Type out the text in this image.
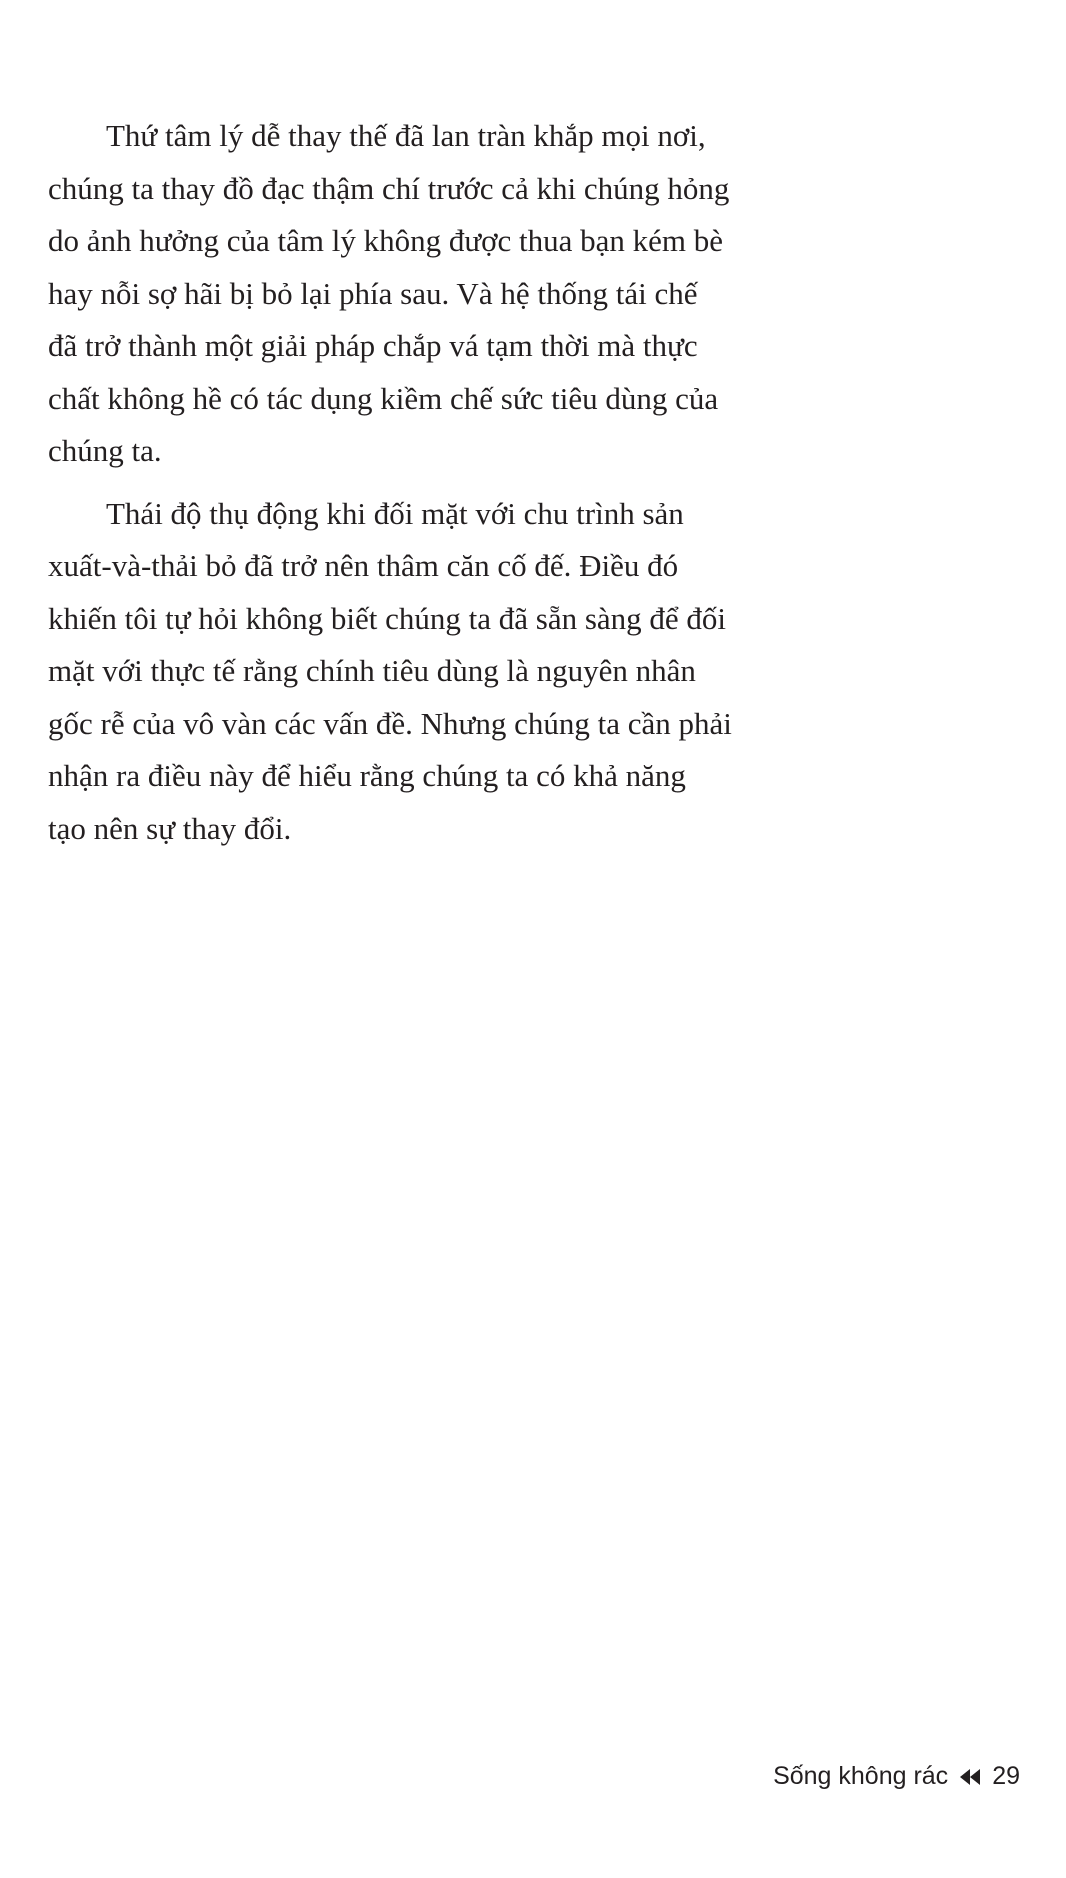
Thứ tâm lý dễ thay thế đã lan tràn khắp mọi nơi,
chúng ta thay đồ đạc thậm chí trước cả khi chúng hỏng
do ảnh hưởng của tâm lý không được thua bạn kém bè
hay nỗi sợ hãi bị bỏ lại phía sau. Và hệ thống tái chế
đã trở thành một giải pháp chắp vá tạm thời mà thực
chất không hề có tác dụng kiềm chế sức tiêu dùng của
chúng ta.

Thái độ thụ động khi đối mặt với chu trình sản
xuất-và-thải bỏ đã trở nên thâm căn cố đế. Điều đó
khiến tôi tự hỏi không biết chúng ta đã sẵn sàng để đối
mặt với thực tế rằng chính tiêu dùng là nguyên nhân
gốc rễ của vô vàn các vấn đề. Nhưng chúng ta cần phải
nhận ra điều này để hiểu rằng chúng ta có khả năng
tạo nên sự thay đổi.

Sống không rác 29
